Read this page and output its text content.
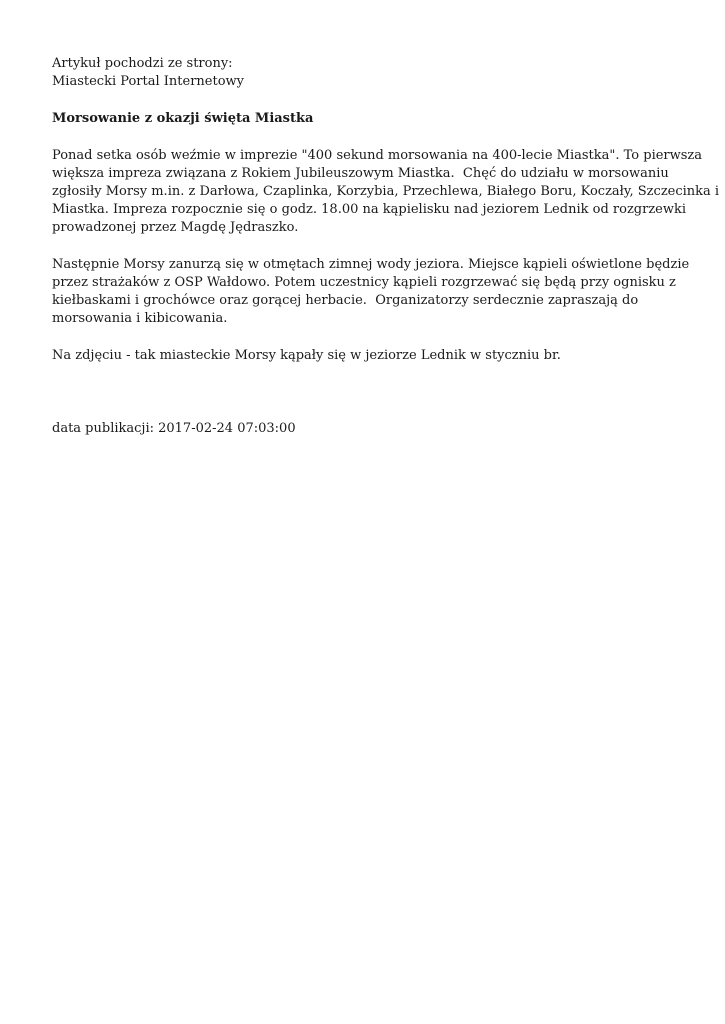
Artykuł pochodzi ze strony:
Miastecki Portal Internetowy
Morsowanie z okazji święta Miastka
Ponad setka osób weźmie w imprezie "400 sekund morsowania na 400-lecie Miastka". To pierwsza
większa impreza związana z Rokiem Jubileuszowym Miastka.  Chęć do udziału w morsowaniu
zgłosiły Morsy m.in. z Darłowa, Czaplinka, Korzybia, Przechlewa, Białego Boru, Koczały, Szczecinka i
Miastka. Impreza rozpocznie się o godz. 18.00 na kąpielisku nad jeziorem Lednik od rozgrzewki
prowadzonej przez Magdę Jędraszko.
Następnie Morsy zanurzą się w otmętach zimnej wody jeziora. Miejsce kąpieli oświetlone będzie
przez strażaków z OSP Wałdowo. Potem uczestnicy kąpieli rozgrzewać się będą przy ognisku z
kiełbaskami i grochówce oraz gorącej herbacie.  Organizatorzy serdecznie zapraszają do
morsowania i kibicowania.
Na zdjęciu - tak miasteckie Morsy kąpały się w jeziorze Lednik w styczniu br.
data publikacji: 2017-02-24 07:03:00
